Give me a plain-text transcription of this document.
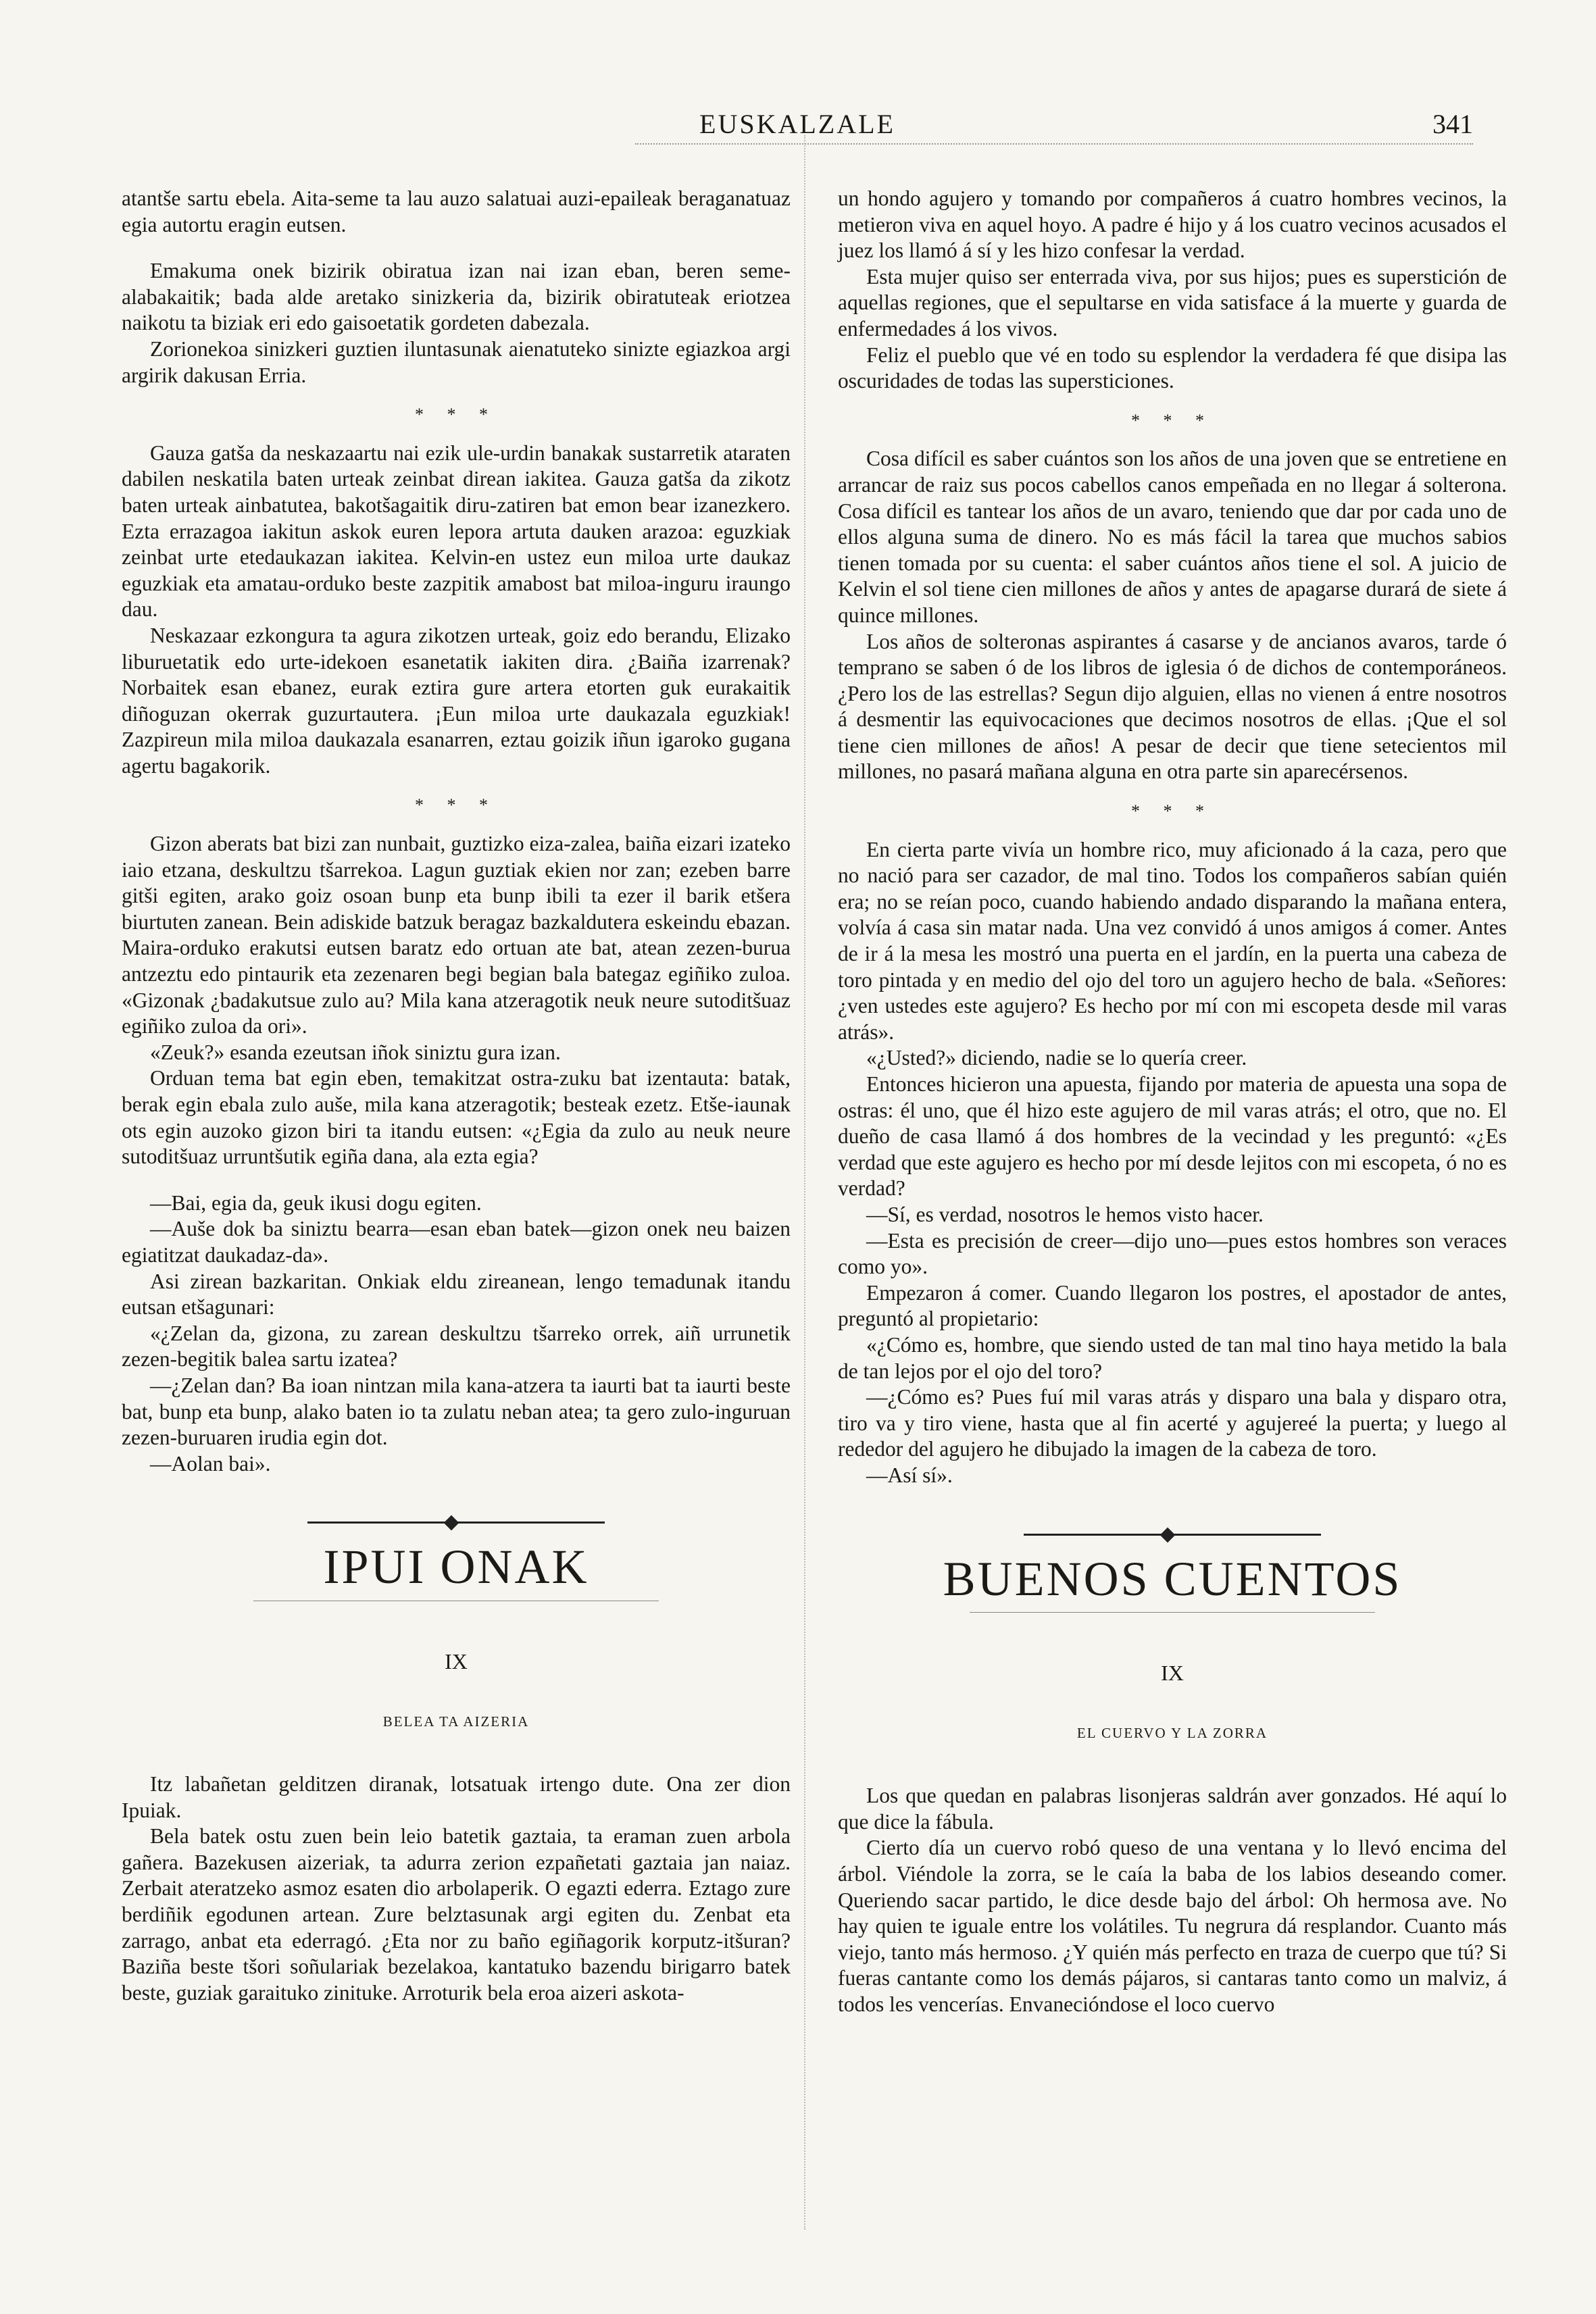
EUSKALZALE	341

atantše sartu ebela. Aita-seme ta lau auzo salatuai auzi-epaileak beraganatuaz egia autortu eragin eutsen.

Emakuma onek bizirik obiratua izan nai izan eban, beren seme-alabakaitik; bada alde aretako sinizkeria da, bizirik obiratuteak eriotzea naikotu ta biziak eri edo gaisoetatik gordeten dabezala.

Zorionekoa sinizkeri guztien iluntasunak aienatuteko sinizte egiazkoa argi argirik dakusan Erria.

* * *

Gauza gatša da neskazaartu nai ezik ule-urdin banakak sustarretik ataraten dabilen neskatila baten urteak zeinbat direan iakitea. Gauza gatša da zikotz baten urteak ainbatutea, bakotšagaitik diru-zatiren bat emon bear izanezkero. Ezta errazagoa iakitun askok euren lepora artuta dauken arazoa: eguzkiak zeinbat urte etedaukazan iakitea. Kelvin-en ustez eun miloa urte daukaz eguzkiak eta amatau-orduko beste zazpitik amabost bat miloa-inguru iraungo dau.

Neskazaar ezkongura ta agura zikotzen urteak, goiz edo berandu, Elizako liburuetatik edo urte-idekoen esanetatik iakiten dira. ¿Baiña izarrenak? Norbaitek esan ebanez, eurak eztira gure artera etorten guk eurakaitik diñoguzan okerrak guzurtautera. ¡Eun miloa urte daukazala eguzkiak! Zazpireun mila miloa daukazala esanarren, eztau goizik iñun igaroko gugana agertu bagakorik.

* * *

Gizon aberats bat bizi zan nunbait, guztizko eiza-zalea, baiña eizari izateko iaio etzana, deskultzu tšarrekoa. Lagun guztiak ekien nor zan; ezeben barre gitši egiten, arako goiz osoan bunp eta bunp ibili ta ezer il barik etšera biurtuten zanean. Bein adiskide batzuk beragaz bazkaldutera eskeindu ebazan. Maira-orduko erakutsi eutsen baratz edo ortuan ate bat, atean zezen-burua antzeztu edo pintaurik eta zezenaren begi begian bala bategaz egiñiko zuloa. «Gizonak ¿badakutsue zulo au? Mila kana atzeragotik neuk neure sutoditšuaz egiñiko zuloa da ori».

«Zeuk?» esanda ezeutsan iñok siniztu gura izan.

Orduan tema bat egin eben, temakitzat ostra-zuku bat izentauta: batak, berak egin ebala zulo auše, mila kana atzeragotik; besteak ezetz. Etše-iaunak ots egin auzoko gizon biri ta itandu eutsen: «¿Egia da zulo au neuk neure sutoditšuaz urruntšutik egiña dana, ala ezta egia?

—Bai, egia da, geuk ikusi dogu egiten.

—Auše dok ba siniztu bearra—esan eban batek—gizon onek neu baizen egiatitzat daukadaz-da».

Asi zirean bazkaritan. Onkiak eldu zireanean, lengo temadunak itandu eutsan etšagunari:

«¿Zelan da, gizona, zu zarean deskultzu tšarreko orrek, aiñ urrunetik zezen-begitik balea sartu izatea?

—¿Zelan dan? Ba ioan nintzan mila kana-atzera ta iaurti bat ta iaurti beste bat, bunp eta bunp, alako baten io ta zulatu neban atea; ta gero zulo-inguruan zezen-buruaren irudia egin dot.

—Aolan bai».

IPUI ONAK
IX
BELEA TA AIZERIA

Itz labañetan gelditzen diranak, lotsatuak irtengo dute. Ona zer dion Ipuiak.

Bela batek ostu zuen bein leio batetik gaztaia, ta eraman zuen arbola gañera. Bazekusen aizeriak, ta adurra zerion ezpañetati gaztaia jan naiaz. Zerbait ateratzeko asmoz esaten dio arbolaperik. O egazti ederra. Eztago zure berdiñik egodunen artean. Zure belztasunak argi egiten du. Zenbat eta zarrago, anbat eta ederragó. ¿Eta nor zu baño egiñagorik korputz-itšuran? Baziña beste tšori soñulariak bezelakoa, kantatuko bazendu birigarro batek beste, guziak garaituko zinituke. Arroturik bela eroa aizeri askota-

un hondo agujero y tomando por compañeros á cuatro hombres vecinos, la metieron viva en aquel hoyo. A padre é hijo y á los cuatro vecinos acusados el juez los llamó á sí y les hizo confesar la verdad.

Esta mujer quiso ser enterrada viva, por sus hijos; pues es superstición de aquellas regiones, que el sepultarse en vida satisface á la muerte y guarda de enfermedades á los vivos.

Feliz el pueblo que vé en todo su esplendor la verdadera fé que disipa las oscuridades de todas las supersticiones.

* * *

Cosa difícil es saber cuántos son los años de una joven que se entretiene en arrancar de raiz sus pocos cabellos canos empeñada en no llegar á solterona. Cosa difícil es tantear los años de un avaro, teniendo que dar por cada uno de ellos alguna suma de dinero. No es más fácil la tarea que muchos sabios tienen tomada por su cuenta: el saber cuántos años tiene el sol. A juicio de Kelvin el sol tiene cien millones de años y antes de apagarse durará de siete á quince millones.

Los años de solteronas aspirantes á casarse y de ancianos avaros, tarde ó temprano se saben ó de los libros de iglesia ó de dichos de contemporáneos. ¿Pero los de las estrellas? Segun dijo alguien, ellas no vienen á entre nosotros á desmentir las equivocaciones que decimos nosotros de ellas. ¡Que el sol tiene cien millones de años! A pesar de decir que tiene setecientos mil millones, no pasará mañana alguna en otra parte sin aparecérsenos.

* * *

En cierta parte vivía un hombre rico, muy aficionado á la caza, pero que no nació para ser cazador, de mal tino. Todos los compañeros sabían quién era; no se reían poco, cuando habiendo andado disparando la mañana entera, volvía á casa sin matar nada. Una vez convidó á unos amigos á comer. Antes de ir á la mesa les mostró una puerta en el jardín, en la puerta una cabeza de toro pintada y en medio del ojo del toro un agujero hecho de bala. «Señores: ¿ven ustedes este agujero? Es hecho por mí con mi escopeta desde mil varas atrás».

«¿Usted?» diciendo, nadie se lo quería creer.

Entonces hicieron una apuesta, fijando por materia de apuesta una sopa de ostras: él uno, que él hizo este agujero de mil varas atrás; el otro, que no. El dueño de casa llamó á dos hombres de la vecindad y les preguntó: «¿Es verdad que este agujero es hecho por mí desde lejitos con mi escopeta, ó no es verdad?

—Sí, es verdad, nosotros le hemos visto hacer.

—Esta es precisión de creer—dijo uno—pues estos hombres son veraces como yo».

Empezaron á comer. Cuando llegaron los postres, el apostador de antes, preguntó al propietario:

«¿Cómo es, hombre, que siendo usted de tan mal tino haya metido la bala de tan lejos por el ojo del toro?

—¿Cómo es? Pues fuí mil varas atrás y disparo una bala y disparo otra, tiro va y tiro viene, hasta que al fin acerté y agujereé la puerta; y luego al rededor del agujero he dibujado la imagen de la cabeza de toro.

—Así sí».

BUENOS CUENTOS
IX
EL CUERVO Y LA ZORRA

Los que quedan en palabras lisonjeras saldrán aver gonzados. Hé aquí lo que dice la fábula.

Cierto día un cuervo robó queso de una ventana y lo llevó encima del árbol. Viéndole la zorra, se le caía la baba de los labios deseando comer. Queriendo sacar partido, le dice desde bajo del árbol: Oh hermosa ave. No hay quien te iguale entre los volátiles. Tu negrura dá resplandor. Cuanto más viejo, tanto más hermoso. ¿Y quién más perfecto en traza de cuerpo que tú? Si fueras cantante como los demás pájaros, si cantaras tanto como un malviz, á todos les vencerías. Envanecióndose el loco cuervo
